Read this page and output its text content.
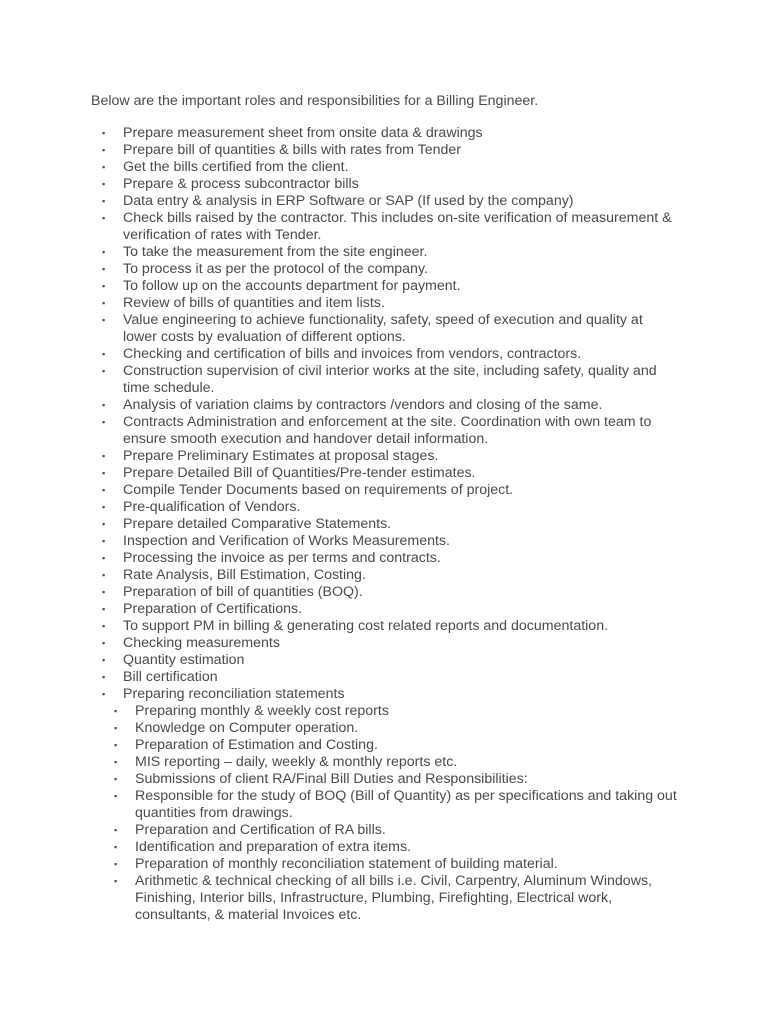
Below are the important roles and responsibilities for a Billing Engineer.

▪ Prepare measurement sheet from onsite data & drawings
▪ Prepare bill of quantities & bills with rates from Tender
▪ Get the bills certified from the client.
▪ Prepare & process subcontractor bills
▪ Data entry & analysis in ERP Software or SAP (If used by the company)
▪ Check bills raised by the contractor. This includes on-site verification of measurement & verification of rates with Tender.
▪ To take the measurement from the site engineer.
▪ To process it as per the protocol of the company.
▪ To follow up on the accounts department for payment.
▪ Review of bills of quantities and item lists.
▪ Value engineering to achieve functionality, safety, speed of execution and quality at lower costs by evaluation of different options.
▪ Checking and certification of bills and invoices from vendors, contractors.
▪ Construction supervision of civil interior works at the site, including safety, quality and time schedule.
▪ Analysis of variation claims by contractors /vendors and closing of the same.
▪ Contracts Administration and enforcement at the site. Coordination with own team to ensure smooth execution and handover detail information.
▪ Prepare Preliminary Estimates at proposal stages.
▪ Prepare Detailed Bill of Quantities/Pre-tender estimates.
▪ Compile Tender Documents based on requirements of project.
▪ Pre-qualification of Vendors.
▪ Prepare detailed Comparative Statements.
▪ Inspection and Verification of Works Measurements.
▪ Processing the invoice as per terms and contracts.
▪ Rate Analysis, Bill Estimation, Costing.
▪ Preparation of bill of quantities (BOQ).
▪ Preparation of Certifications.
▪ To support PM in billing & generating cost related reports and documentation.
▪ Checking measurements
▪ Quantity estimation
▪ Bill certification
▪ Preparing reconciliation statements
▪ Preparing monthly & weekly cost reports
▪ Knowledge on Computer operation.
▪ Preparation of Estimation and Costing.
▪ MIS reporting – daily, weekly & monthly reports etc.
▪ Submissions of client RA/Final Bill Duties and Responsibilities:
▪ Responsible for the study of BOQ (Bill of Quantity) as per specifications and taking out quantities from drawings.
▪ Preparation and Certification of RA bills.
▪ Identification and preparation of extra items.
▪ Preparation of monthly reconciliation statement of building material.
▪ Arithmetic & technical checking of all bills i.e. Civil, Carpentry, Aluminum Windows, Finishing, Interior bills, Infrastructure, Plumbing, Firefighting, Electrical work, consultants, & material Invoices etc.
